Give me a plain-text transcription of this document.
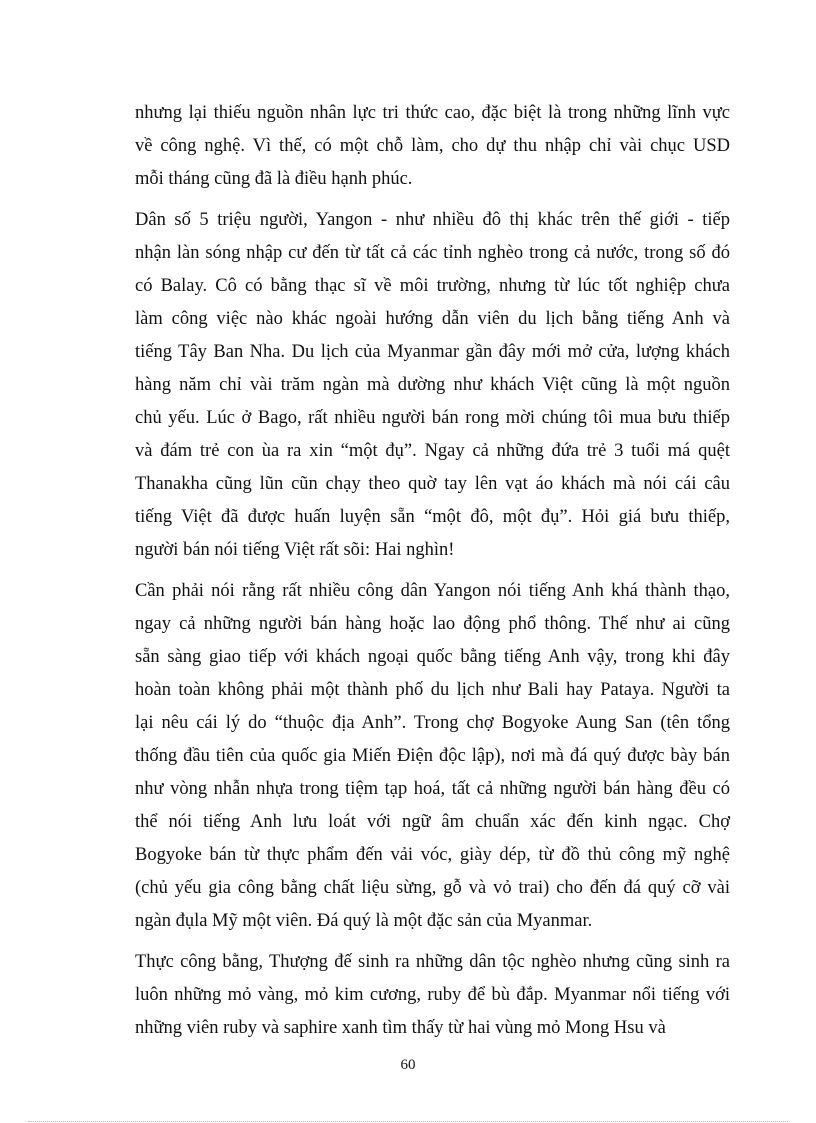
nhưng lại thiếu nguồn nhân lực tri thức cao, đặc biệt là trong những lĩnh vực
về công nghệ. Vì thế, có một chỗ làm, cho dự thu nhập chỉ vài chục USD
mỗi tháng cũng đã là điều hạnh phúc.
Dân số 5 triệu người, Yangon - như nhiều đô thị khác trên thế giới - tiếp
nhận làn sóng nhập cư đến từ tất cả các tỉnh nghèo trong cả nước, trong số đó
có Balay. Cô có bằng thạc sĩ về môi trường, nhưng từ lúc tốt nghiệp chưa
làm công việc nào khác ngoài hướng dẫn viên du lịch bằng tiếng Anh và
tiếng Tây Ban Nha. Du lịch của Myanmar gần đây mới mở cửa, lượng khách
hàng năm chỉ vài trăm ngàn mà dường như khách Việt cũng là một nguồn
chủ yếu. Lúc ở Bago, rất nhiều người bán rong mời chúng tôi mua bưu thiếp
và đám trẻ con ùa ra xin “một đụ”. Ngay cả những đứa trẻ 3 tuổi má quệt
Thanakha cũng lũn cũn chạy theo quờ tay lên vạt áo khách mà nói cái câu
tiếng Việt đã được huấn luyện sẵn “một đô, một đụ”. Hỏi giá bưu thiếp,
người bán nói tiếng Việt rất sõi: Hai nghìn!
Cần phải nói rằng rất nhiều công dân Yangon nói tiếng Anh khá thành thạo,
ngay cả những người bán hàng hoặc lao động phổ thông. Thế như ai cũng
sẵn sàng giao tiếp với khách ngoại quốc bằng tiếng Anh vậy, trong khi đây
hoàn toàn không phải một thành phố du lịch như Bali hay Pataya. Người ta
lại nêu cái lý do “thuộc địa Anh”. Trong chợ Bogyoke Aung San (tên tổng
thống đầu tiên của quốc gia Miến Điện độc lập), nơi mà đá quý được bày bán
như vòng nhẫn nhựa trong tiệm tạp hoá, tất cả những người bán hàng đều có
thể nói tiếng Anh lưu loát với ngữ âm chuẩn xác đến kinh ngạc. Chợ
Bogyoke bán từ thực phẩm đến vải vóc, giày dép, từ đồ thủ công mỹ nghệ
(chủ yếu gia công bằng chất liệu sừng, gỗ và vỏ trai) cho đến đá quý cỡ vài
ngàn đụla Mỹ một viên. Đá quý là một đặc sản của Myanmar.
Thực công bằng, Thượng đế sinh ra những dân tộc nghèo nhưng cũng sinh ra
luôn những mỏ vàng, mỏ kim cương, ruby để bù đắp. Myanmar nổi tiếng với
những viên ruby và saphire xanh tìm thấy từ hai vùng mỏ Mong Hsu và
60
